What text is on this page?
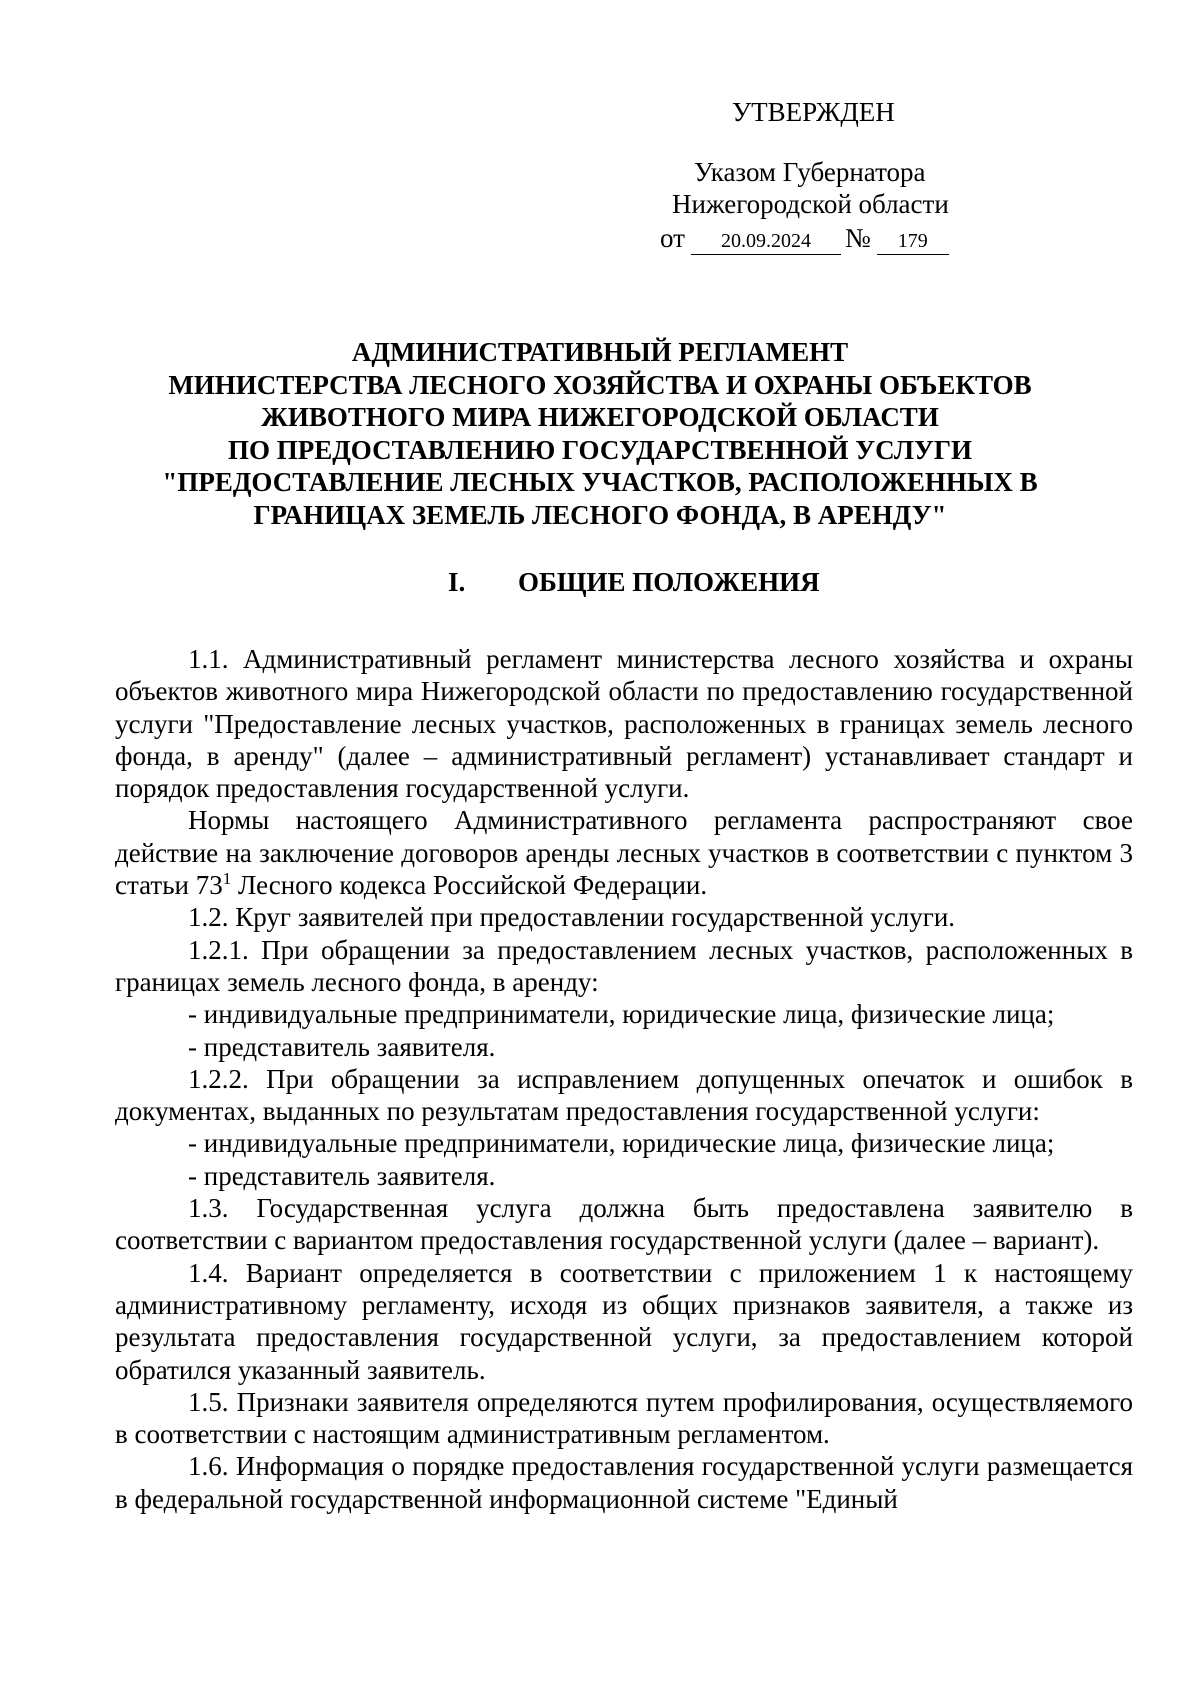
УТВЕРЖДЕН
Указом Губернатора
Нижегородской области
от 20.09.2024 № 179
АДМИНИСТРАТИВНЫЙ РЕГЛАМЕНТ
МИНИСТЕРСТВА ЛЕСНОГО ХОЗЯЙСТВА И ОХРАНЫ ОБЪЕКТОВ
ЖИВОТНОГО МИРА НИЖЕГОРОДСКОЙ ОБЛАСТИ
ПО ПРЕДОСТАВЛЕНИЮ ГОСУДАРСТВЕННОЙ УСЛУГИ
"ПРЕДОСТАВЛЕНИЕ ЛЕСНЫХ УЧАСТКОВ, РАСПОЛОЖЕННЫХ В
ГРАНИЦАХ ЗЕМЕЛЬ ЛЕСНОГО ФОНДА, В АРЕНДУ"
I. ОБЩИЕ ПОЛОЖЕНИЯ

1.1. Административный регламент министерства лесного хозяйства и охраны объектов животного мира Нижегородской области по предоставлению государственной услуги "Предоставление лесных участков, расположенных в границах земель лесного фонда, в аренду" (далее – административный регламент) устанавливает стандарт и порядок предоставления государственной услуги.

Нормы настоящего Административного регламента распространяют свое действие на заключение договоров аренды лесных участков в соответствии с пунктом 3 статьи $73^1$ Лесного кодекса Российской Федерации.

1.2. Круг заявителей при предоставлении государственной услуги.

1.2.1. При обращении за предоставлением лесных участков, расположенных в границах земель лесного фонда, в аренду:

- индивидуальные предприниматели, юридические лица, физические лица;

- представитель заявителя.

1.2.2. При обращении за исправлением допущенных опечаток и ошибок в документах, выданных по результатам предоставления государственной услуги:

- индивидуальные предприниматели, юридические лица, физические лица;

- представитель заявителя.

1.3. Государственная услуга должна быть предоставлена заявителю в соответствии с вариантом предоставления государственной услуги (далее – вариант).

1.4. Вариант определяется в соответствии с приложением 1 к настоящему административному регламенту, исходя из общих признаков заявителя, а также из результата предоставления государственной услуги, за предоставлением которой обратился указанный заявитель.

1.5. Признаки заявителя определяются путем профилирования, осуществляемого в соответствии с настоящим административным регламентом.

1.6. Информация о порядке предоставления государственной услуги размещается в федеральной государственной информационной системе "Единый
